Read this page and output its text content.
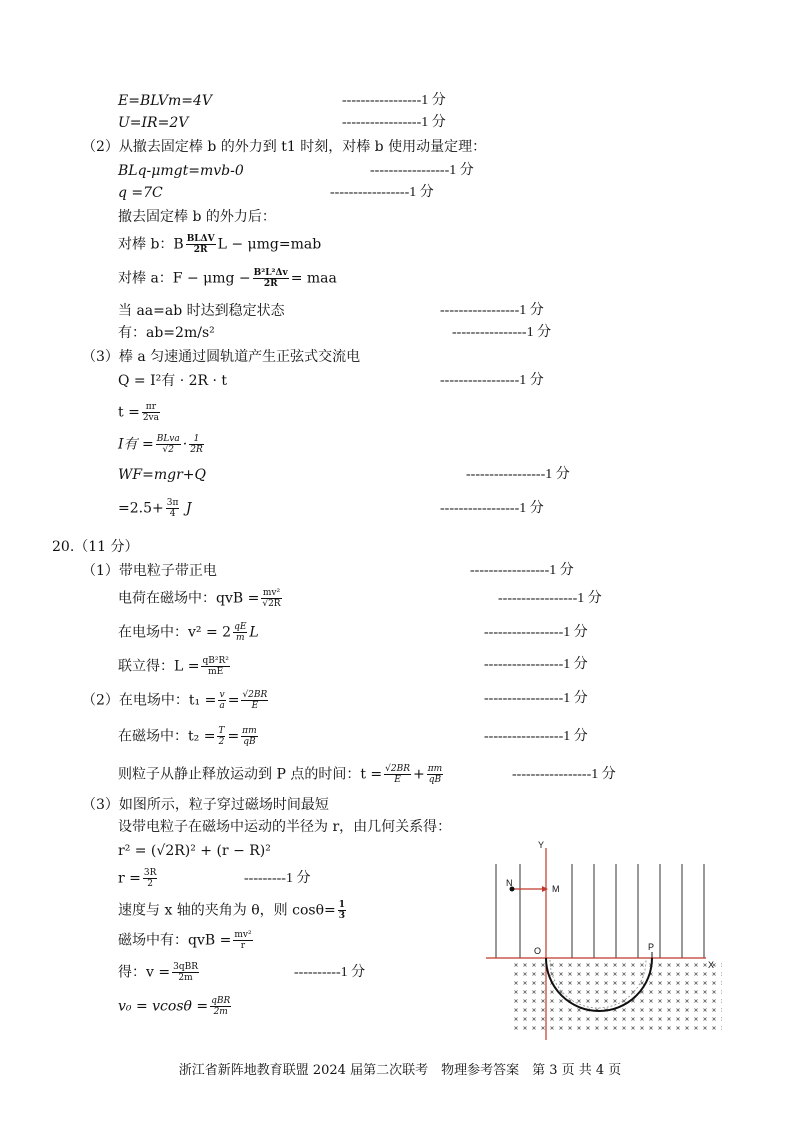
E=BLVm=4V	-----------------1 分
U=IR=2V	-----------------1 分
（2）从撤去固定棒 b 的外力到 t1 时刻，对棒 b 使用动量定理：
BLq-μmgt=mvb-0	-----------------1 分
q =7C	-----------------1 分
撤去固定棒 b 的外力后：
对棒 b：B $\frac{\text{BLΔV}}{2R}$ L − μmg=mab
对棒 a：$F - \mu mg - \frac{\text{B²L²Δv}}{2R}$ = maa
当 aa=ab 时达到稳定状态	-----------------1 分
有：ab=2m/s²	----------------1 分
（3）棒 a 匀速通过圆轨道产生正弦式交流电
Q = I²有 · 2R · t	-----------------1 分
$t = \frac{\pi r}{2va}$
I有 = $\frac{\text{BLva}}{√2} \cdot \frac{1}{2R}$
WF=mgr+Q	-----------------1 分
$=2.5+ \frac{3\pi}{4}$ J	-----------------1 分
20.（11 分）
（1）带电粒子带正电	-----------------1 分
电荷在磁场中：qvB = $\frac{\text{mv²}}{√2R}$	-----------------1 分
在电场中：$v^2 = 2 \frac{qE}{m}$ L	-----------------1 分
联立得：$L = \frac{\text{qB²R²}}{mE}$	-----------------1 分
（2）在电场中：$t_1 = \frac{v}{a} = \frac{√2BR}{E}$	-----------------1 分
在磁场中：$t_2 = \frac{T}{2} = \frac{\pi m}{qB}$	-----------------1 分
则粒子从静止释放运动到 P 点的时间：$t = \frac{√2BR}{E} + \frac{\pi m}{qB}$	-----------------1 分
（3）如图所示，粒子穿过磁场时间最短
设带电粒子在磁场中运动的半径为 r，由几何关系得：
r² = (√2R)² + (r − R)²
$r = \frac{3R}{2}$	---------1 分
速度与 x 轴的夹角为 θ，则 $\cos\theta= \frac{1}{3}$
磁场中有：qvB = $\frac{\text{mv²}}{r}$
得：$v = \frac{\text{3qBR}}{2m}$	----------1 分
$v_0 = vcos\theta = \frac{\text{qBR}}{2m}$
Y
X
O	P
N
M
浙江省新阵地教育联盟 2024 届第二次联考　物理参考答案　第 3 页 共 4 页
